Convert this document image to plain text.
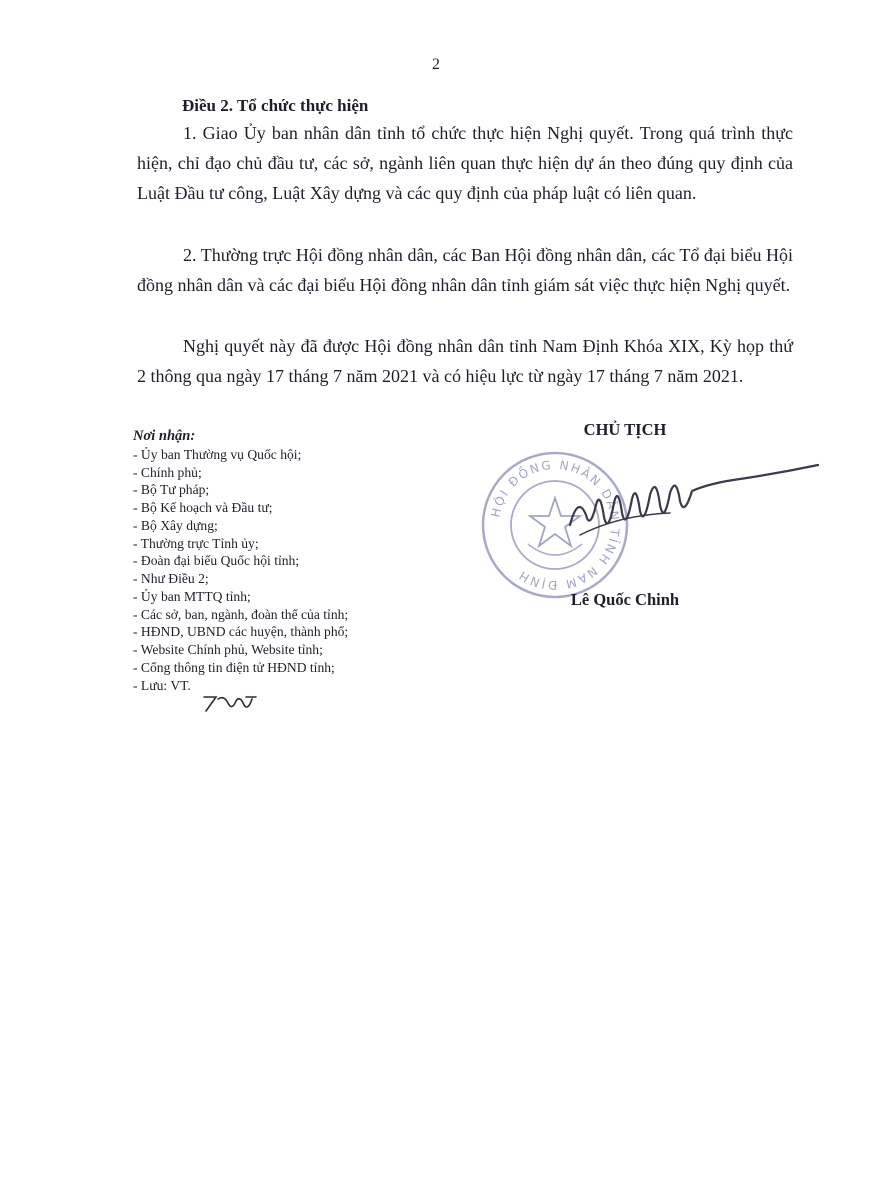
2
Điều 2. Tổ chức thực hiện

1. Giao Ủy ban nhân dân tỉnh tổ chức thực hiện Nghị quyết. Trong quá trình thực hiện, chỉ đạo chủ đầu tư, các sở, ngành liên quan thực hiện dự án theo đúng quy định của Luật Đầu tư công, Luật Xây dựng và các quy định của pháp luật có liên quan.

2. Thường trực Hội đồng nhân dân, các Ban Hội đồng nhân dân, các Tổ đại biểu Hội đồng nhân dân và các đại biểu Hội đồng nhân dân tỉnh giám sát việc thực hiện Nghị quyết.

Nghị quyết này đã được Hội đồng nhân dân tỉnh Nam Định Khóa XIX, Kỳ họp thứ 2 thông qua ngày 17 tháng 7 năm 2021 và có hiệu lực từ ngày 17 tháng 7 năm 2021.

Nơi nhận:
- Ủy ban Thường vụ Quốc hội;
- Chính phủ;
- Bộ Tư pháp;
- Bộ Kế hoạch và Đầu tư;
- Bộ Xây dựng;
- Thường trực Tỉnh ủy;
- Đoàn đại biểu Quốc hội tỉnh;
- Như Điều 2;
- Ủy ban MTTQ tỉnh;
- Các sở, ban, ngành, đoàn thể của tỉnh;
- HĐND, UBND các huyện, thành phố;
- Website Chính phủ, Website tỉnh;
- Cổng thông tin điện tử HĐND tỉnh;
- Lưu: VT.
CHỦ TỊCH
HỘI ĐỒNG NHÂN DÂN TỈNH NAM ĐỊNH
Lê Quốc Chinh
